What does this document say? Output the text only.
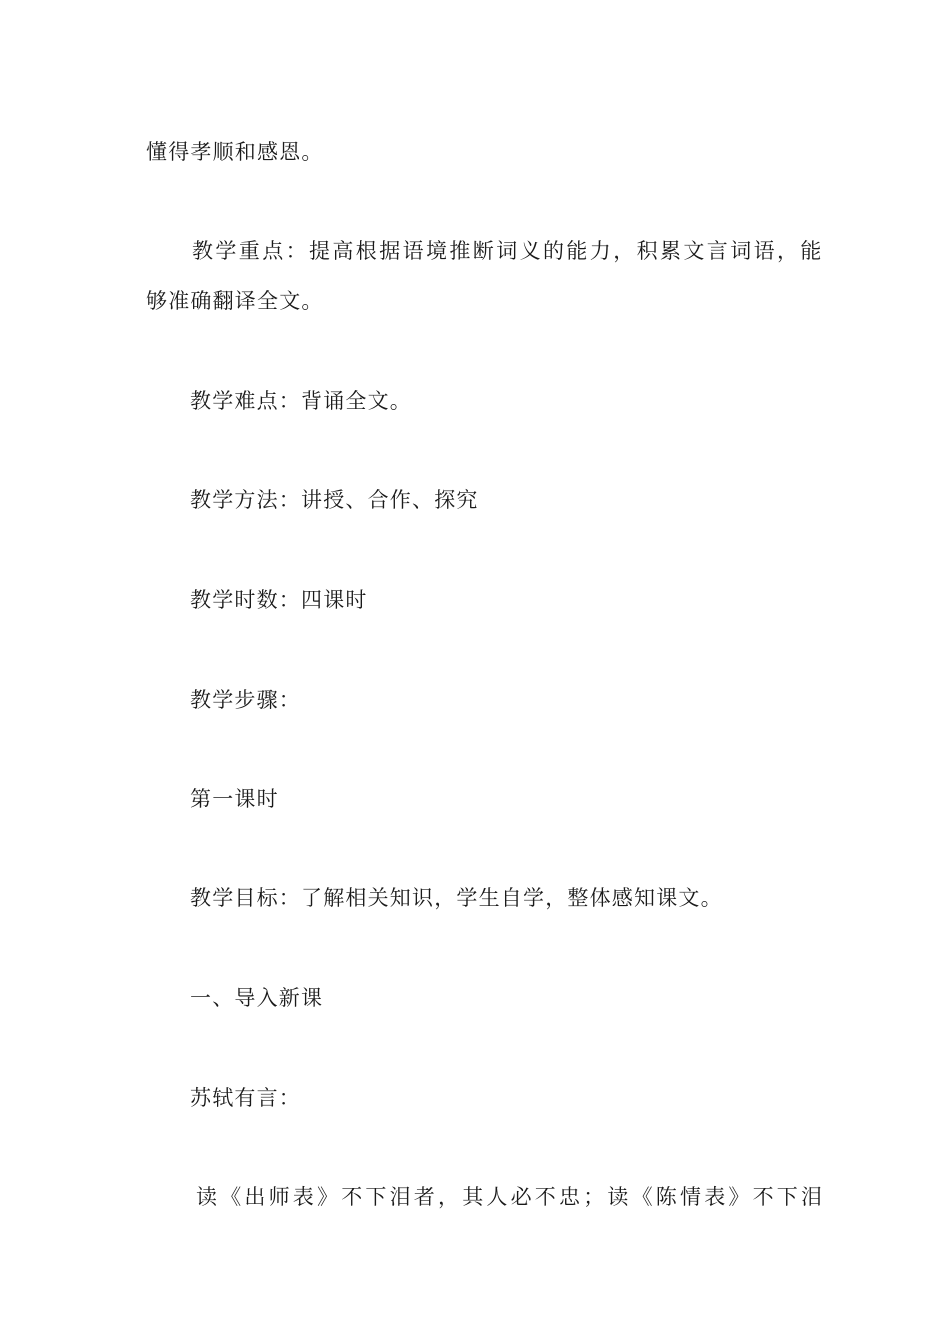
懂得孝顺和感恩。
教学重点：提高根据语境推断词义的能力，积累文言词语，能
够准确翻译全文。
教学难点：背诵全文。
教学方法：讲授、合作、探究
教学时数：四课时
教学步骤：
第一课时
教学目标：了解相关知识，学生自学，整体感知课文。
一、导入新课
苏轼有言：
读《出师表》不下泪者，其人必不忠；读《陈情表》不下泪
